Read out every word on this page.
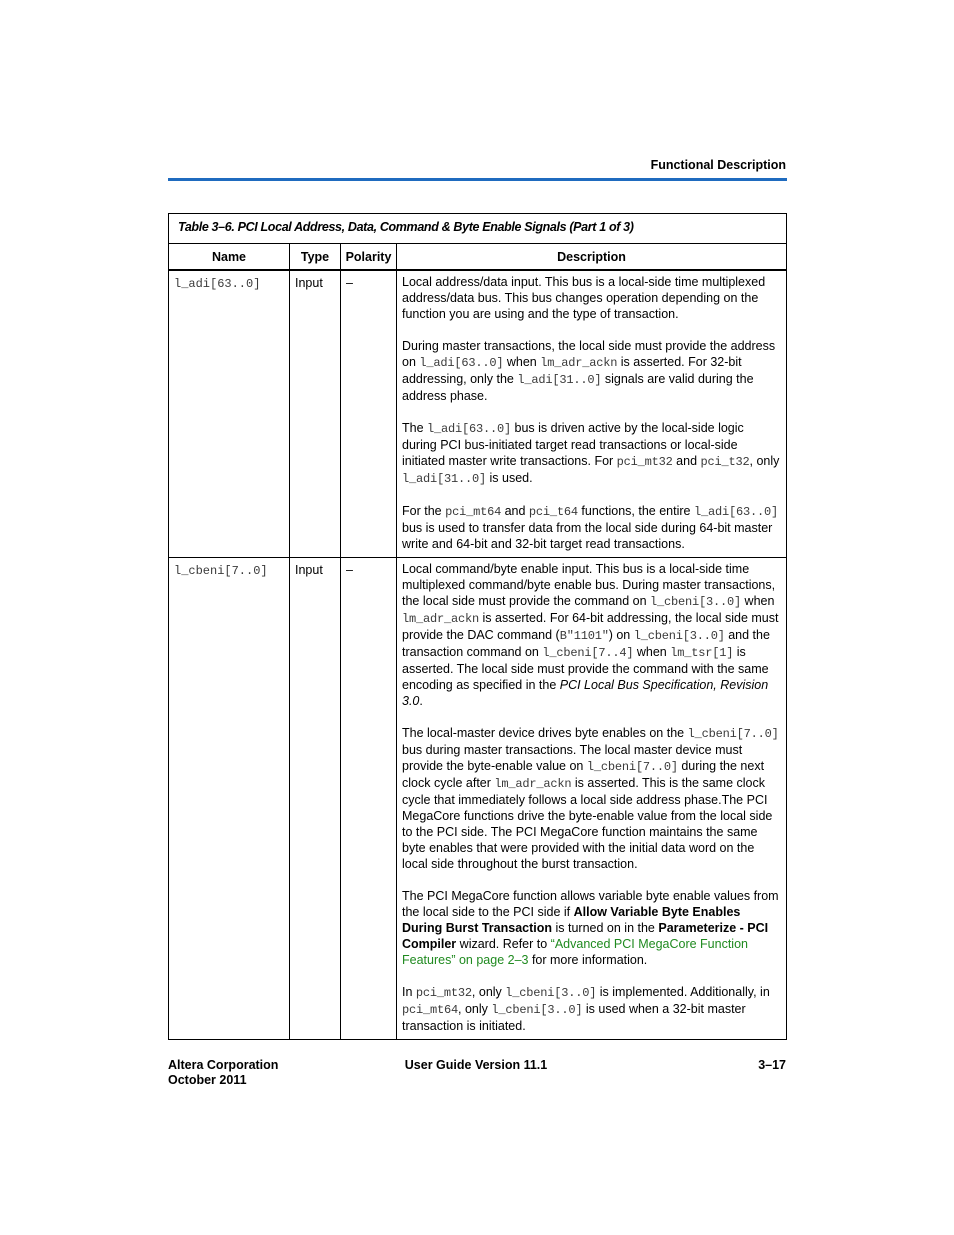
Functional Description
Table 3–6. PCI Local Address, Data, Command & Byte Enable Signals (Part 1 of 3)			
Name	Type	Polarity	Description
l_adi[63..0]	Input	–	Local address/data input. This bus is a local-side time multiplexed address/data bus. This bus changes operation depending on the function you are using and the type of transaction.

During master transactions, the local side must provide the address on l_adi[63..0] when lm_adr_ackn is asserted. For 32-bit addressing, only the l_adi[31..0] signals are valid during the address phase.

The l_adi[63..0] bus is driven active by the local-side logic during PCI bus-initiated target read transactions or local-side initiated master write transactions. For pci_mt32 and pci_t32, only l_adi[31..0] is used.

For the pci_mt64 and pci_t64 functions, the entire l_adi[63..0] bus is used to transfer data from the local side during 64-bit master write and 64-bit and 32-bit target read transactions.

l_cbeni[7..0]	Input	–	Local command/byte enable input. This bus is a local-side time multiplexed command/byte enable bus. During master transactions, the local side must provide the command on l_cbeni[3..0] when lm_adr_ackn is asserted. For 64-bit addressing, the local side must provide the DAC command (B"1101") on l_cbeni[3..0] and the transaction command on l_cbeni[7..4] when lm_tsr[1] is asserted. The local side must provide the command with the same encoding as specified in the PCI Local Bus Specification, Revision 3.0.

The local-master device drives byte enables on the l_cbeni[7..0] bus during master transactions. The local master device must provide the byte-enable value on l_cbeni[7..0] during the next clock cycle after lm_adr_ackn is asserted. This is the same clock cycle that immediately follows a local side address phase.The PCI MegaCore functions drive the byte-enable value from the local side to the PCI side. The PCI MegaCore function maintains the same byte enables that were provided with the initial data word on the local side throughout the burst transaction.

The PCI MegaCore function allows variable byte enable values from the local side to the PCI side if Allow Variable Byte Enables During Burst Transaction is turned on in the Parameterize - PCI Compiler wizard. Refer to “Advanced PCI MegaCore Function Features” on page 2–3 for more information.

In pci_mt32, only l_cbeni[3..0] is implemented. Additionally, in pci_mt64, only l_cbeni[3..0] is used when a 32-bit master transaction is initiated.

Altera Corporation
October 2011
User Guide Version 11.1	3–17
